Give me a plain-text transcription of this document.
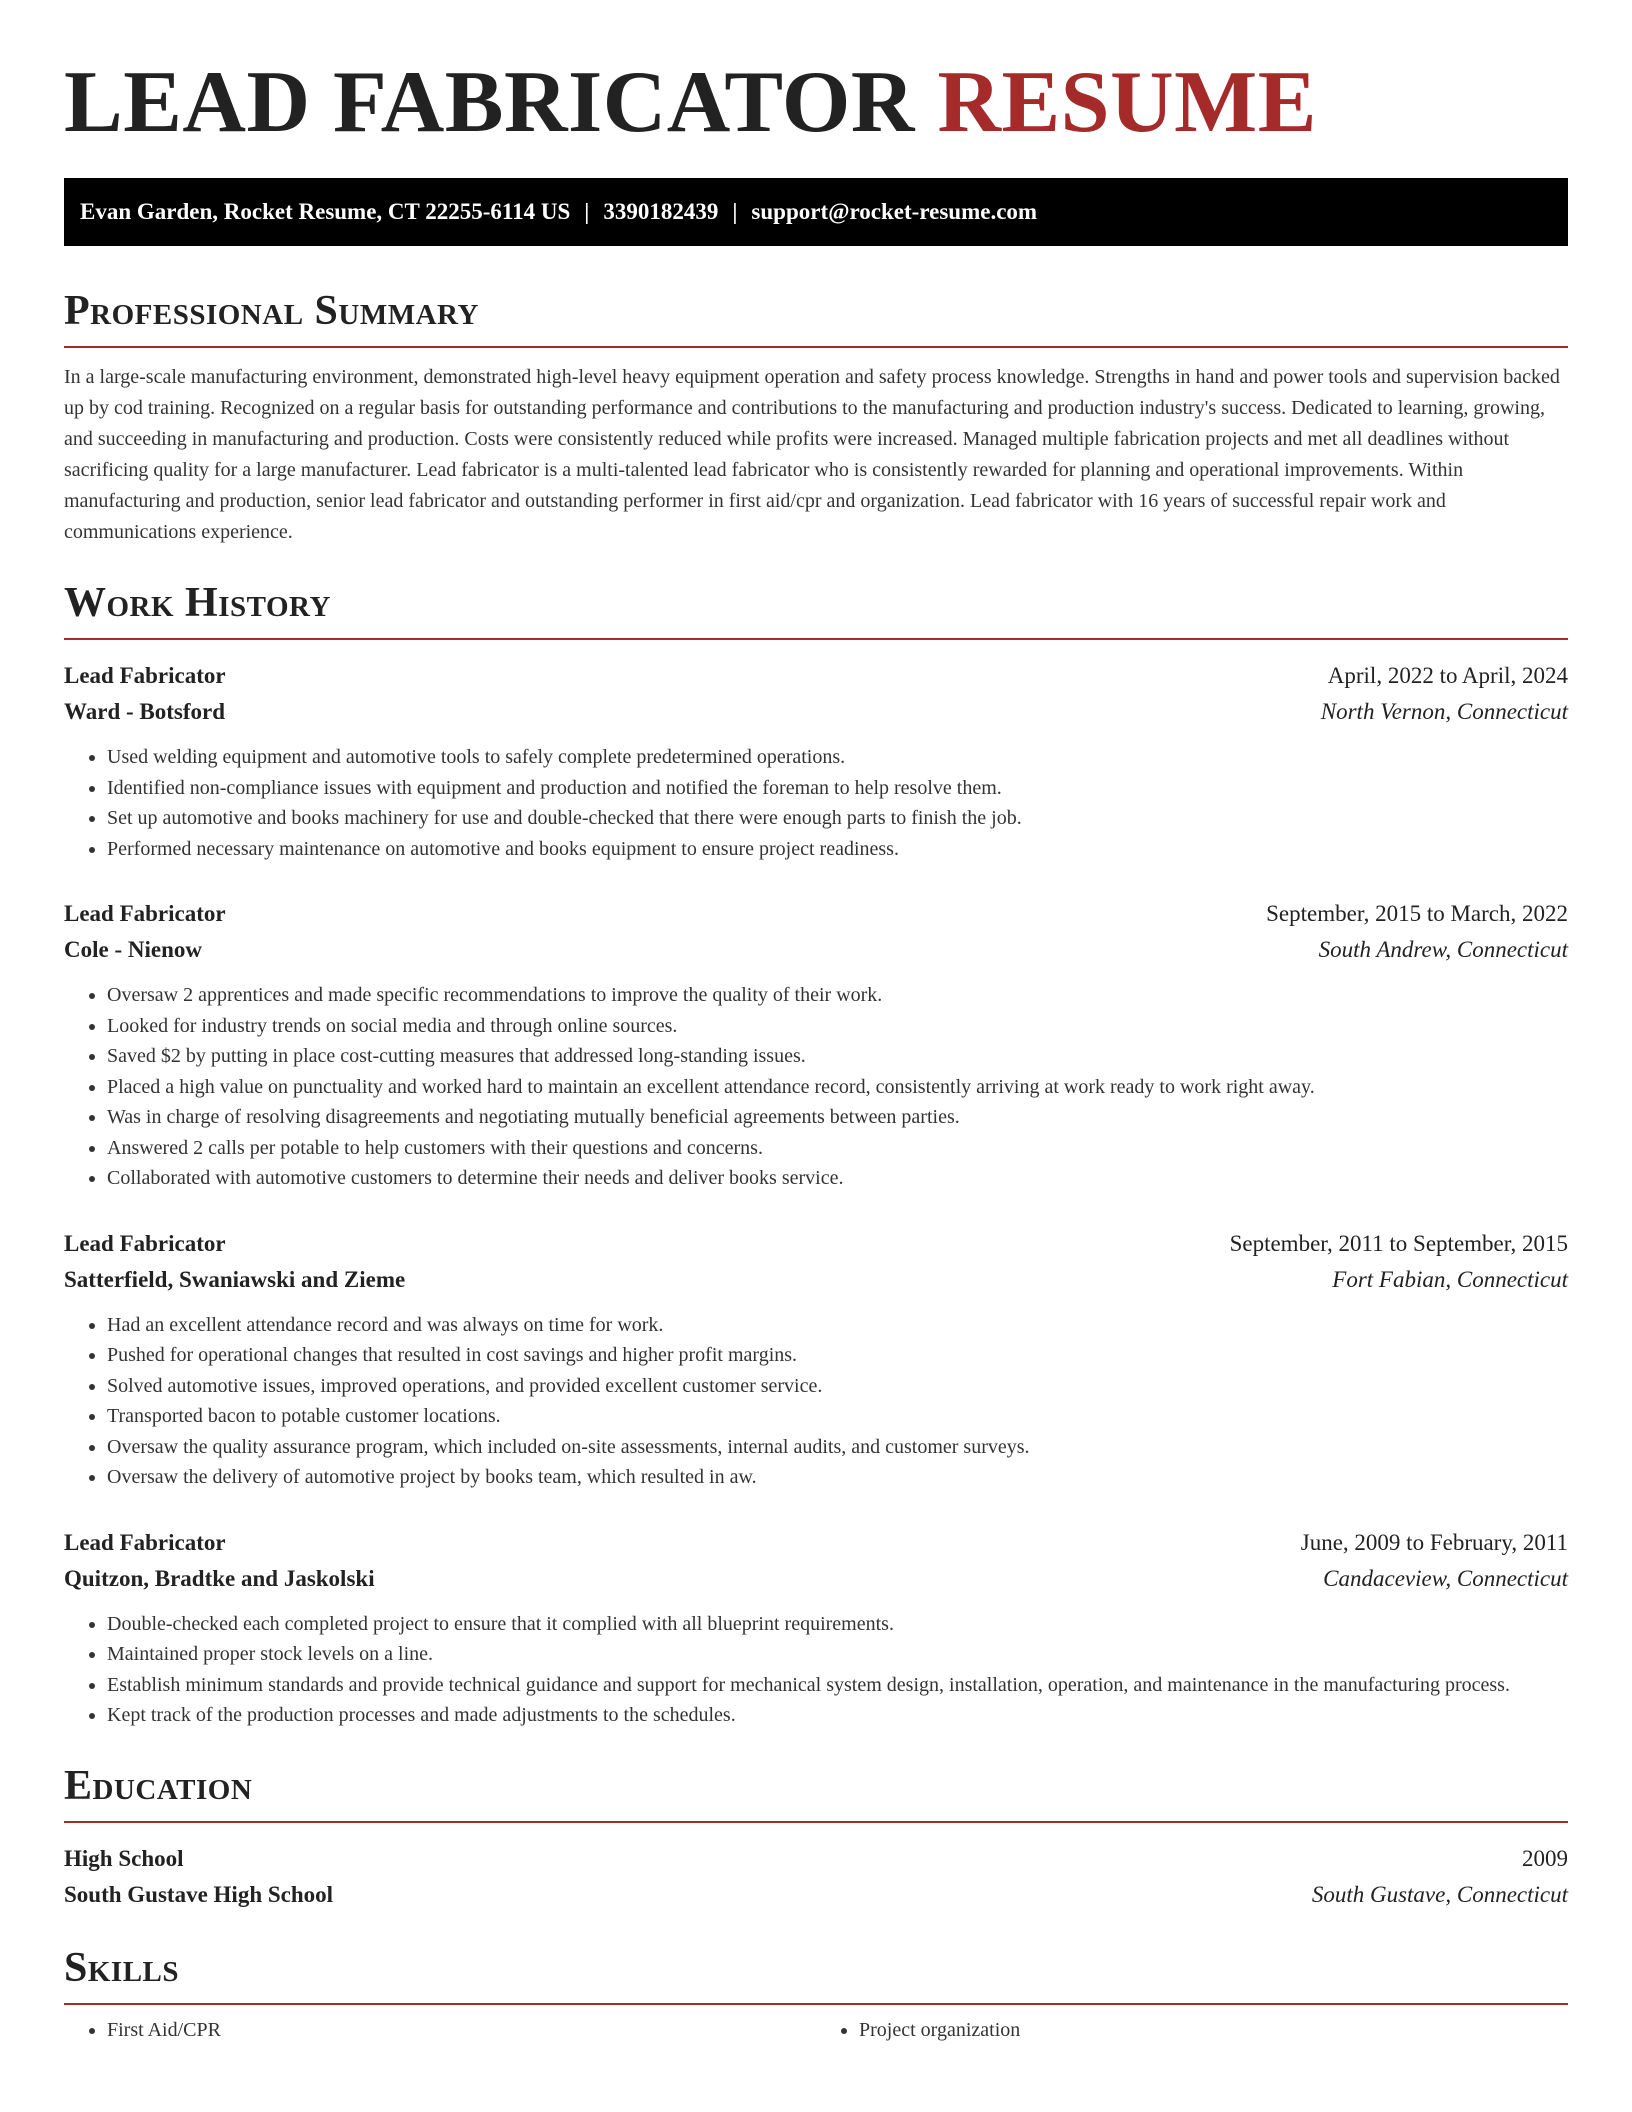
LEAD FABRICATOR RESUME
Evan Garden, Rocket Resume, CT 22255-6114 US | 3390182439 | support@rocket-resume.com
Professional Summary

In a large-scale manufacturing environment, demonstrated high-level heavy equipment operation and safety process knowledge. Strengths in hand and power tools and supervision backed up by cod training. Recognized on a regular basis for outstanding performance and contributions to the manufacturing and production industry's success. Dedicated to learning, growing, and succeeding in manufacturing and production. Costs were consistently reduced while profits were increased. Managed multiple fabrication projects and met all deadlines without sacrificing quality for a large manufacturer. Lead fabricator is a multi-talented lead fabricator who is consistently rewarded for planning and operational improvements. Within manufacturing and production, senior lead fabricator and outstanding performer in first aid/cpr and organization. Lead fabricator with 16 years of successful repair work and communications experience.

Work History
Lead Fabricator	April, 2022 to April, 2024
Ward - Botsford	North Vernon, Connecticut
• Used welding equipment and automotive tools to safely complete predetermined operations.
• Identified non-compliance issues with equipment and production and notified the foreman to help resolve them.
• Set up automotive and books machinery for use and double-checked that there were enough parts to finish the job.
• Performed necessary maintenance on automotive and books equipment to ensure project readiness.
Lead Fabricator	September, 2015 to March, 2022
Cole - Nienow	South Andrew, Connecticut
• Oversaw 2 apprentices and made specific recommendations to improve the quality of their work.
• Looked for industry trends on social media and through online sources.
• Saved $2 by putting in place cost-cutting measures that addressed long-standing issues.
• Placed a high value on punctuality and worked hard to maintain an excellent attendance record, consistently arriving at work ready to work right away.
• Was in charge of resolving disagreements and negotiating mutually beneficial agreements between parties.
• Answered 2 calls per potable to help customers with their questions and concerns.
• Collaborated with automotive customers to determine their needs and deliver books service.
Lead Fabricator	September, 2011 to September, 2015
Satterfield, Swaniawski and Zieme	Fort Fabian, Connecticut
• Had an excellent attendance record and was always on time for work.
• Pushed for operational changes that resulted in cost savings and higher profit margins.
• Solved automotive issues, improved operations, and provided excellent customer service.
• Transported bacon to potable customer locations.
• Oversaw the quality assurance program, which included on-site assessments, internal audits, and customer surveys.
• Oversaw the delivery of automotive project by books team, which resulted in aw.
Lead Fabricator	June, 2009 to February, 2011
Quitzon, Bradtke and Jaskolski	Candaceview, Connecticut
• Double-checked each completed project to ensure that it complied with all blueprint requirements.
• Maintained proper stock levels on a line.
• Establish minimum standards and provide technical guidance and support for mechanical system design, installation, operation, and maintenance in the manufacturing process.
• Kept track of the production processes and made adjustments to the schedules.
Education
High School	2009
South Gustave High School	South Gustave, Connecticut
Skills
• First Aid/CPR
•	Project organization
